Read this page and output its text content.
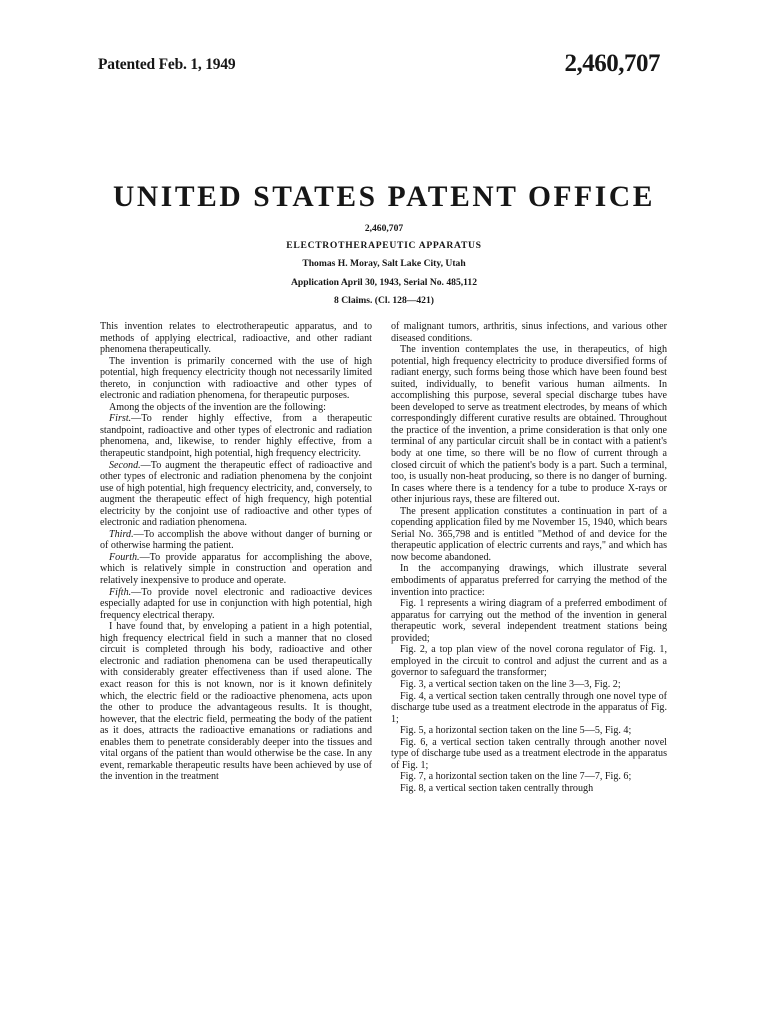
Patented Feb. 1, 1949	2,460,707
UNITED STATES PATENT OFFICE
2,460,707
ELECTROTHERAPEUTIC APPARATUS
Thomas H. Moray, Salt Lake City, Utah
Application April 30, 1943, Serial No. 485,112
8 Claims. (Cl. 128—421)

This invention relates to electrotherapeutic apparatus, and to methods of applying electrical, radioactive, and other radiant phenomena therapeutically.

The invention is primarily concerned with the use of high potential, high frequency electricity though not necessarily limited thereto, in conjunction with radioactive and other types of electronic and radiation phenomena, for therapeutic purposes.

Among the objects of the invention are the following:

First.—To render highly effective, from a therapeutic standpoint, radioactive and other types of electronic and radiation phenomena, and, likewise, to render highly effective, from a therapeutic standpoint, high potential, high frequency electricity.

Second.—To augment the therapeutic effect of radioactive and other types of electronic and radiation phenomena by the conjoint use of high potential, high frequency electricity, and, conversely, to augment the therapeutic effect of high frequency, high potential electricity by the conjoint use of radioactive and other types of electronic and radiation phenomena.

Third.—To accomplish the above without danger of burning or of otherwise harming the patient.

Fourth.—To provide apparatus for accomplishing the above, which is relatively simple in construction and operation and relatively inexpensive to produce and operate.

Fifth.—To provide novel electronic and radioactive devices especially adapted for use in conjunction with high potential, high frequency electrical therapy.

I have found that, by enveloping a patient in a high potential, high frequency electrical field in such a manner that no closed circuit is completed through his body, radioactive and other electronic and radiation phenomena can be used therapeutically with considerably greater effectiveness than if used alone. The exact reason for this is not known, nor is it known definitely which, the electric field or the radioactive phenomena, acts upon the other to produce the advantageous results. It is thought, however, that the electric field, permeating the body of the patient as it does, attracts the radioactive emanations or radiations and enables them to penetrate considerably deeper into the tissues and vital organs of the patient than would otherwise be the case. In any event, remarkable therapeutic results have been achieved by use of the invention in the treatment

of malignant tumors, arthritis, sinus infections, and various other diseased conditions.

The invention contemplates the use, in therapeutics, of high potential, high frequency electricity to produce diversified forms of radiant energy, such forms being those which have been found best suited, individually, to benefit various human ailments. In accomplishing this purpose, several special discharge tubes have been developed to serve as treatment electrodes, by means of which correspondingly different curative results are obtained. Throughout the practice of the invention, a prime consideration is that only one terminal of any particular circuit shall be in contact with a patient's body at one time, so there will be no flow of current through a closed circuit of which the patient's body is a part. Such a terminal, too, is usually non-heat producing, so there is no danger of burning. In cases where there is a tendency for a tube to produce X-rays or other injurious rays, these are filtered out.

The present application constitutes a continuation in part of a copending application filed by me November 15, 1940, which bears Serial No. 365,798 and is entitled "Method of and device for the therapeutic application of electric currents and rays," and which has now become abandoned.

In the accompanying drawings, which illustrate several embodiments of apparatus preferred for carrying the method of the invention into practice:

Fig. 1 represents a wiring diagram of a preferred embodiment of apparatus for carrying out the method of the invention in general therapeutic work, several independent treatment stations being provided;

Fig. 2, a top plan view of the novel corona regulator of Fig. 1, employed in the circuit to control and adjust the current and as a governor to safeguard the transformer;

Fig. 3, a vertical section taken on the line 3—3, Fig. 2;

Fig. 4, a vertical section taken centrally through one novel type of discharge tube used as a treatment electrode in the apparatus of Fig. 1;

Fig. 5, a horizontal section taken on the line 5—5, Fig. 4;

Fig. 6, a vertical section taken centrally through another novel type of discharge tube used as a treatment electrode in the apparatus of Fig. 1;

Fig. 7, a horizontal section taken on the line 7—7, Fig. 6;

Fig. 8, a vertical section taken centrally through
